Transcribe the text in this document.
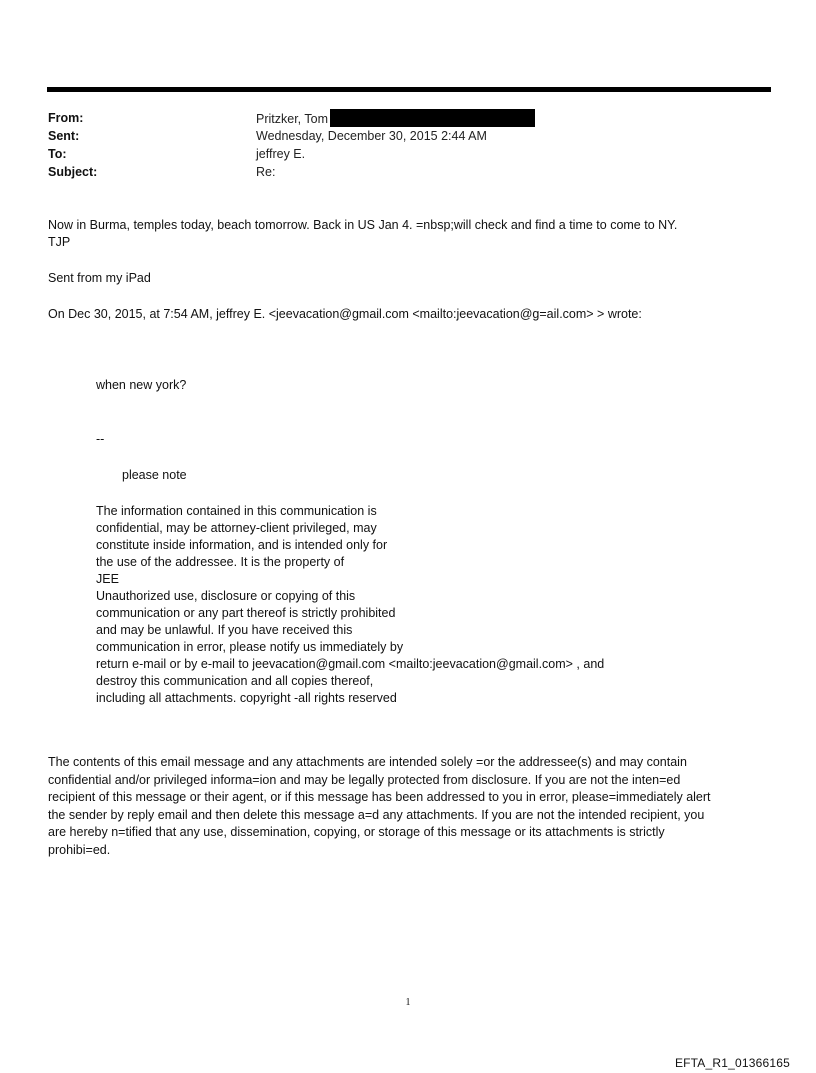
From:	Pritzker, Tom
Sent:	Wednesday, December 30, 2015 2:44 AM
To:	jeffrey E.
Subject:	Re:
Now in Burma, temples today, beach tomorrow. Back in US Jan 4. =nbsp;will check and find a time to come to NY.
TJP
Sent from my iPad
On Dec 30, 2015, at 7:54 AM, jeffrey E. <jeevacation@gmail.com <mailto:jeevacation@g=ail.com> > wrote:
when new york?
--
please note
The information contained in this communication is
confidential, may be attorney-client privileged, may
constitute inside information, and is intended only for
the use of the addressee. It is the property of
JEE
Unauthorized use, disclosure or copying of this
communication or any part thereof is strictly prohibited
and may be unlawful. If you have received this
communication in error, please notify us immediately by
return e-mail or by e-mail to jeevacation@gmail.com <mailto:jeevacation@gmail.com> , and
destroy this communication and all copies thereof,
including all attachments. copyright -all rights reserved
The contents of this email message and any attachments are intended solely =or the addressee(s) and may contain
confidential and/or privileged informa=ion and may be legally protected from disclosure. If you are not the inten=ed
recipient of this message or their agent, or if this message has been addressed to you in error, please=immediately alert
the sender by reply email and then delete this message a=d any attachments. If you are not the intended recipient, you
are hereby n=tified that any use, dissemination, copying, or storage of this message or its attachments is strictly
prohibi=ed.
1
EFTA_R1_01366165
